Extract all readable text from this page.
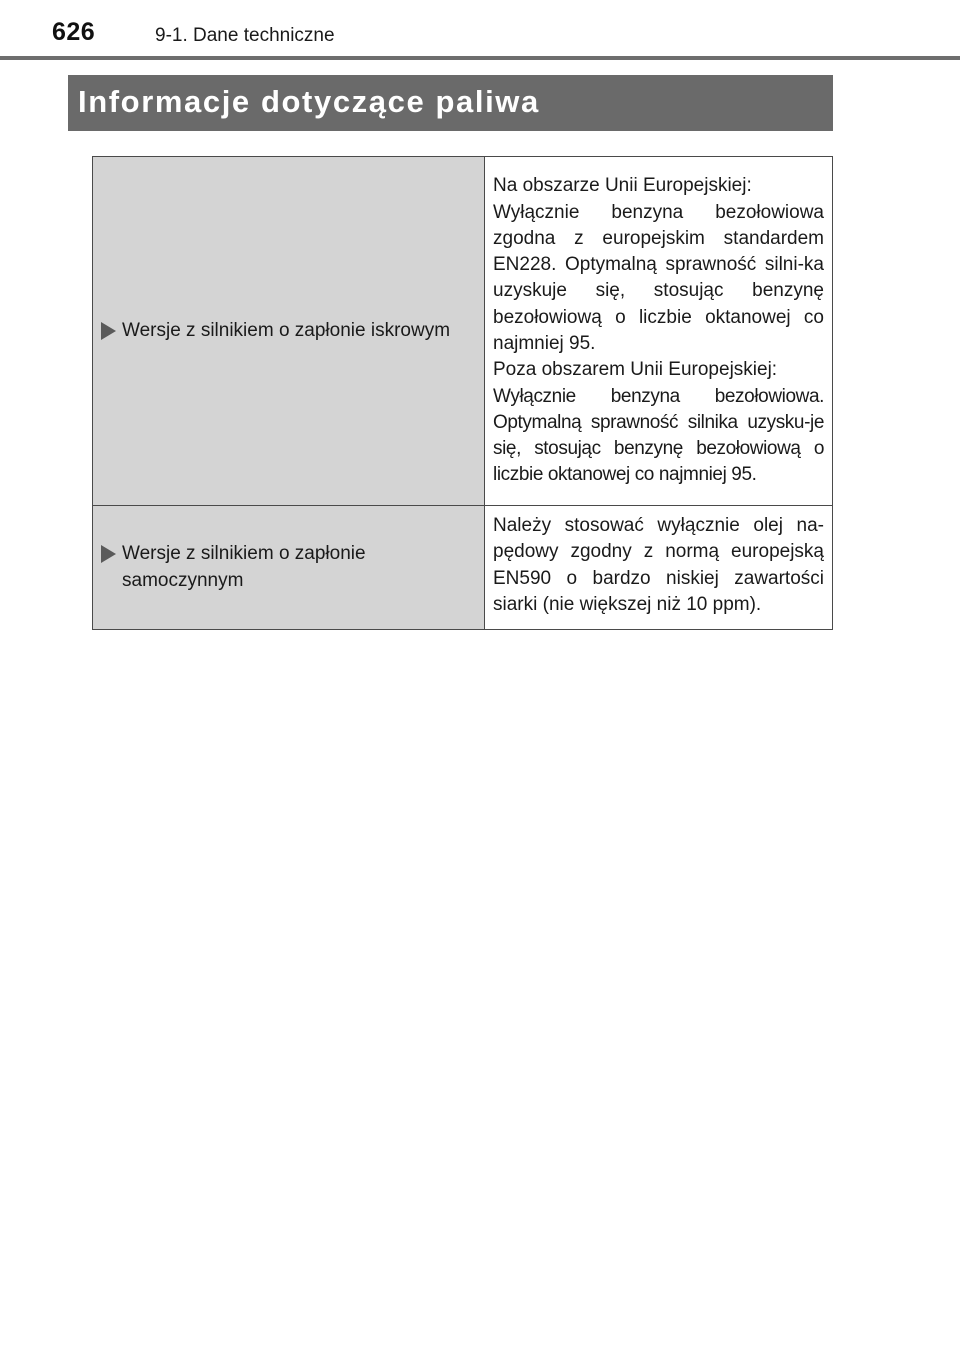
626	9-1. Dane techniczne
Informacje dotyczące paliwa
Wersje z silnikiem o zapłonie iskrowym	Na obszarze Unii Europejskiej:
Wyłącznie benzyna bezołowiowa zgodna z europejskim standardem EN228. Optymalną sprawność silni-ka uzyskuje się, stosując benzynę bezołowiową o liczbie oktanowej co najmniej 95.
Poza obszarem Unii Europejskiej:
Wyłącznie benzyna bezołowiowa. Optymalną sprawność silnika uzysku-je się, stosując benzynę bezołowiową o liczbie oktanowej co najmniej 95.

Wersje z silnikiem o zapłonie samoczynnym	Należy stosować wyłącznie olej na-pędowy zgodny z normą europejską EN590 o bardzo niskiej zawartości siarki (nie większej niż 10 ppm).
